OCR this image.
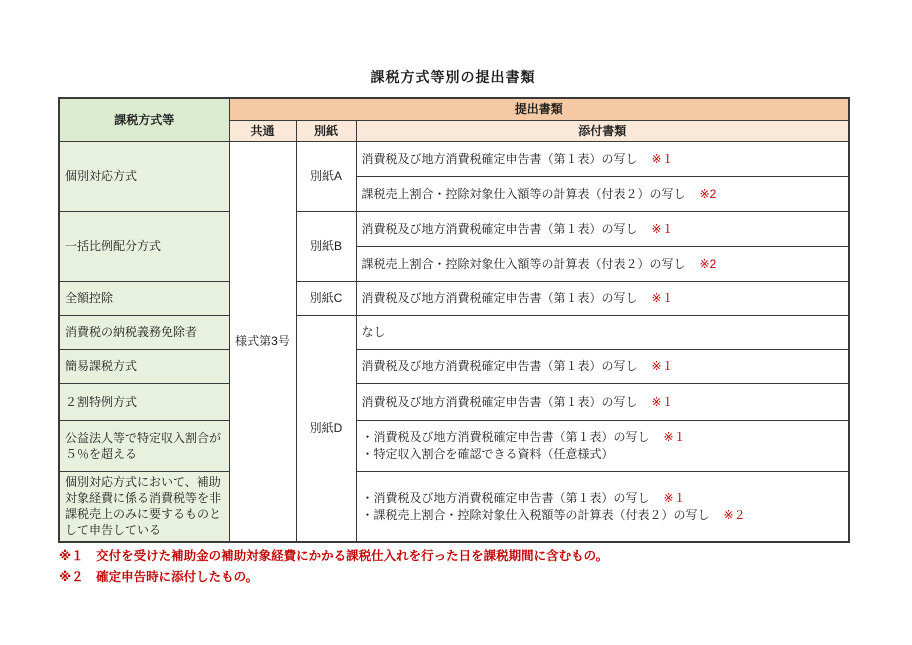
課税方式等別の提出書類
課税方式等	提出書類		
	共通	別紙	添付書類
個別対応方式	様式第3号	別紙A	消費税及び地方消費税確定申告書（第１表）の写し ※１
			課税売上割合・控除対象仕入額等の計算表（付表２）の写し ※2
一括比例配分方式		別紙B	消費税及び地方消費税確定申告書（第１表）の写し ※１
			課税売上割合・控除対象仕入額等の計算表（付表２）の写し ※2
全額控除		別紙C	消費税及び地方消費税確定申告書（第１表）の写し ※１
消費税の納税義務免除者		別紙D	なし
簡易課税方式			消費税及び地方消費税確定申告書（第１表）の写し ※１
２割特例方式			消費税及び地方消費税確定申告書（第１表）の写し ※１
公益法人等で特定収入割合が５％を超える			・消費税及び地方消費税確定申告書（第１表）の写し ※１
・特定収入割合を確認できる資料（任意様式）

個別対応方式において、補助対象経費に係る消費税等を非課税売上のみに要するものとして申告している			・消費税及び地方消費税確定申告書（第１表）の写し ※１
・課税売上割合・控除対象仕入税額等の計算表（付表２）の写し ※２
※１　交付を受けた補助金の補助対象経費にかかる課税仕入れを行った日を課税期間に含むもの。
※２　確定申告時に添付したもの。
